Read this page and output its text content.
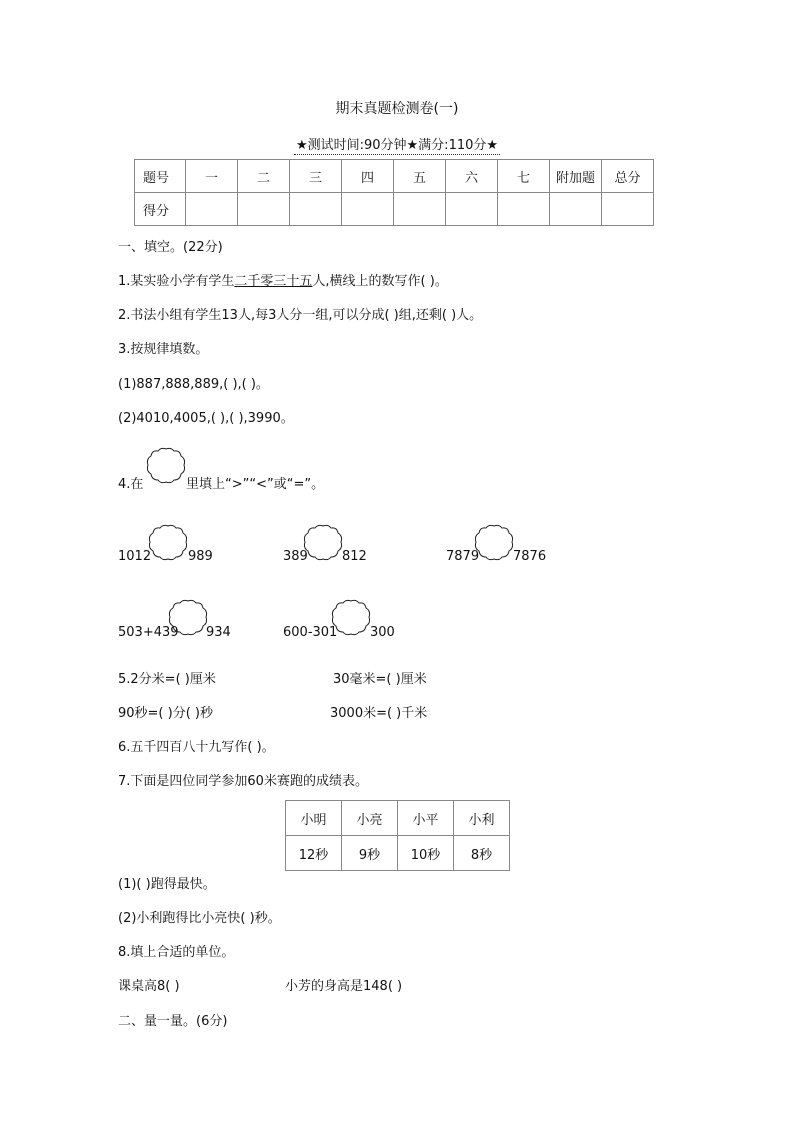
期末真题检测卷(一)
★测试时间:90分钟★满分:110分★
题号	一	二	三	四	五	六	七	附加题	总分
得分									
一、填空。(22分)
1.某实验小学有学生二千零三十五人,横线上的数写作( )。
2.书法小组有学生13人,每3人分一组,可以分成( )组,还剩( )人。
3.按规律填数。
(1)887,888,889,( ),( )。
(2)4010,4005,( ),( ),3990。
4.在	里填上“>”“<”或“=”。
1012	989	389	812	7879	7876
503+439 934	600-301	300
5.2分米=( )厘米	30毫米=( )厘米
90秒=( )分( )秒	3000米=( )千米
6.五千四百八十九写作( )。
7.下面是四位同学参加60米赛跑的成绩表。
小明	小亮	小平	小利
12秒	9秒	10秒	8秒
(1)( )跑得最快。
(2)小利跑得比小亮快( )秒。
8.填上合适的单位。
课桌高8( )	小芳的身高是148( )
二、量一量。(6分)
